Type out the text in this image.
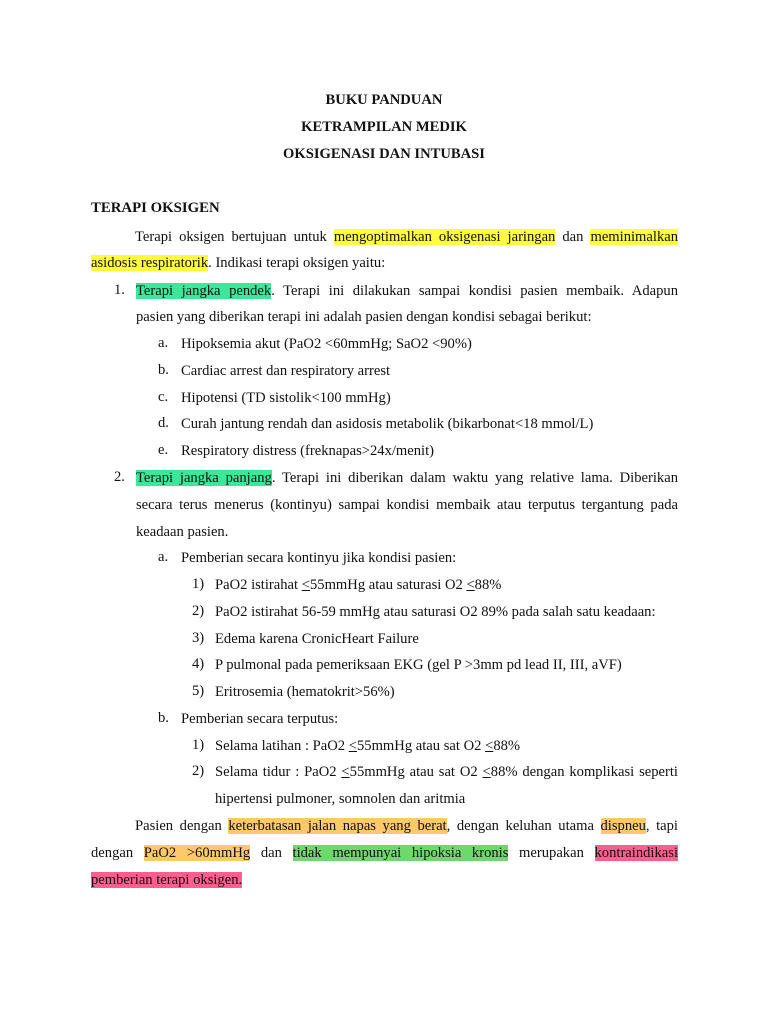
BUKU PANDUAN
KETRAMPILAN MEDIK
OKSIGENASI DAN INTUBASI
TERAPI OKSIGEN
Terapi oksigen bertujuan untuk mengoptimalkan oksigenasi jaringan dan meminimalkan
asidosis respiratorik. Indikasi terapi oksigen yaitu:
1. Terapi jangka pendek. Terapi ini dilakukan sampai kondisi pasien membaik. Adapun
pasien yang diberikan terapi ini adalah pasien dengan kondisi sebagai berikut:
a. Hipoksemia akut (PaO2 <60mmHg; SaO2 <90%)
b. Cardiac arrest dan respiratory arrest
c. Hipotensi (TD sistolik<100 mmHg)
d. Curah jantung rendah dan asidosis metabolik (bikarbonat<18 mmol/L)
e. Respiratory distress (freknapas>24x/menit)
2. Terapi jangka panjang. Terapi ini diberikan dalam waktu yang relative lama. Diberikan
secara terus menerus (kontinyu) sampai kondisi membaik atau terputus tergantung pada
keadaan pasien.
a. Pemberian secara kontinyu jika kondisi pasien:
1) PaO2 istirahat <55mmHg atau saturasi O2 <88%
2) PaO2 istirahat 56-59 mmHg atau saturasi O2 89% pada salah satu keadaan:
3) Edema karena CronicHeart Failure
4) P pulmonal pada pemeriksaan EKG (gel P >3mm pd lead II, III, aVF)
5) Eritrosemia (hematokrit>56%)
b. Pemberian secara terputus:
1) Selama latihan : PaO2 <55mmHg atau sat O2 <88%
2) Selama tidur : PaO2 <55mmHg atau sat O2 <88% dengan komplikasi seperti
hipertensi pulmoner, somnolen dan aritmia
Pasien dengan keterbatasan jalan napas yang berat, dengan keluhan utama dispneu, tapi
dengan PaO2 >60mmHg dan tidak mempunyai hipoksia kronis merupakan kontraindikasi
pemberian terapi oksigen.
